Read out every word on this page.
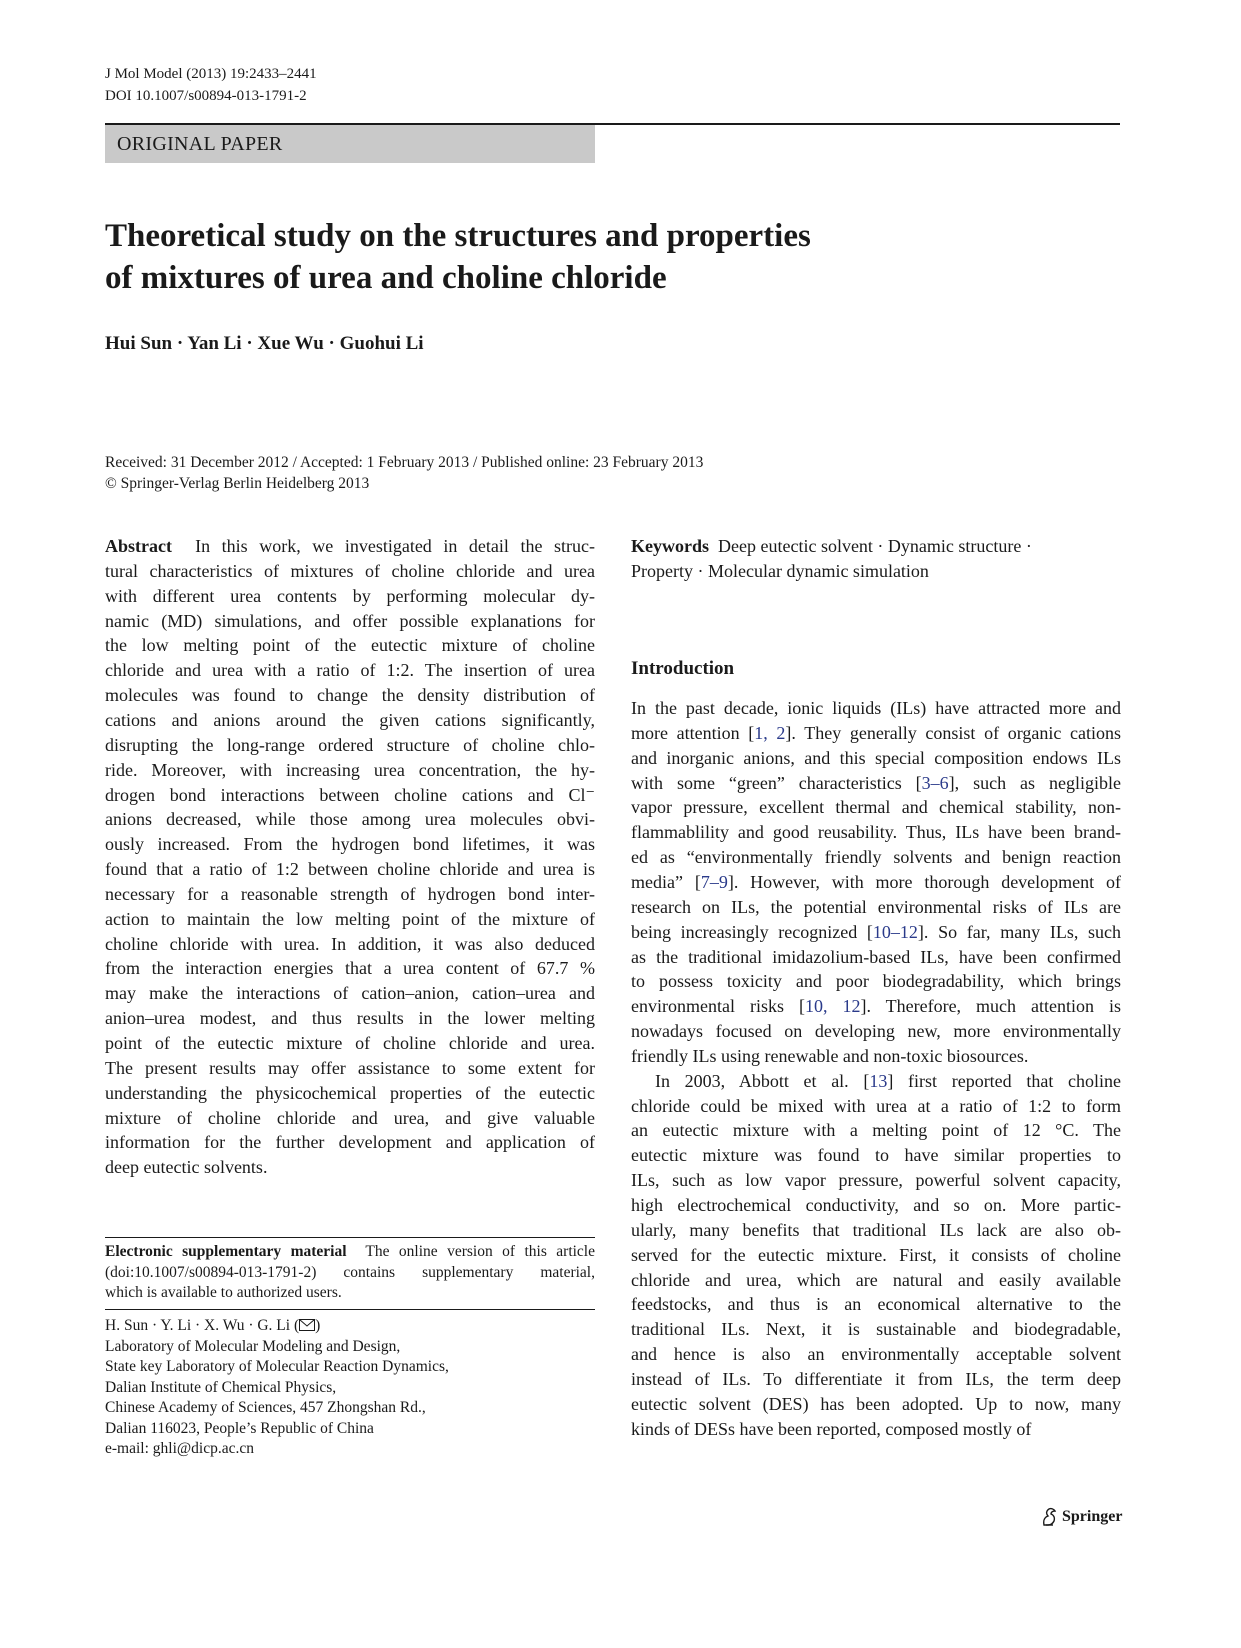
J Mol Model (2013) 19:2433–2441
DOI 10.1007/s00894-013-1791-2
ORIGINAL PAPER
Theoretical study on the structures and properties
of mixtures of urea and choline chloride
Hui Sun · Yan Li · Xue Wu · Guohui Li
Received: 31 December 2012 / Accepted: 1 February 2013 / Published online: 23 February 2013
© Springer-Verlag Berlin Heidelberg 2013
Abstract In this work, we investigated in detail the struc-
tural characteristics of mixtures of choline chloride and urea
with different urea contents by performing molecular dy-
namic (MD) simulations, and offer possible explanations for
the low melting point of the eutectic mixture of choline
chloride and urea with a ratio of 1:2. The insertion of urea
molecules was found to change the density distribution of
cations and anions around the given cations significantly,
disrupting the long-range ordered structure of choline chlo-
ride. Moreover, with increasing urea concentration, the hy-
drogen bond interactions between choline cations and Cl⁻
anions decreased, while those among urea molecules obvi-
ously increased. From the hydrogen bond lifetimes, it was
found that a ratio of 1:2 between choline chloride and urea is
necessary for a reasonable strength of hydrogen bond inter-
action to maintain the low melting point of the mixture of
choline chloride with urea. In addition, it was also deduced
from the interaction energies that a urea content of 67.7 %
may make the interactions of cation–anion, cation–urea and
anion–urea modest, and thus results in the lower melting
point of the eutectic mixture of choline chloride and urea.
The present results may offer assistance to some extent for
understanding the physicochemical properties of the eutectic
mixture of choline chloride and urea, and give valuable
information for the further development and application of
deep eutectic solvents.
Electronic supplementary material The online version of this article
(doi:10.1007/s00894-013-1791-2) contains supplementary material,
which is available to authorized users.
H. Sun · Y. Li · X. Wu · G. Li ( )
Laboratory of Molecular Modeling and Design,
State key Laboratory of Molecular Reaction Dynamics,
Dalian Institute of Chemical Physics,
Chinese Academy of Sciences, 457 Zhongshan Rd.,
Dalian 116023, People’s Republic of China
e-mail: ghli@dicp.ac.cn
Keywords Deep eutectic solvent · Dynamic structure ·
Property · Molecular dynamic simulation
Introduction
In the past decade, ionic liquids (ILs) have attracted more and
more attention [1, 2]. They generally consist of organic cations
and inorganic anions, and this special composition endows ILs
with some “green” characteristics [3–6], such as negligible
vapor pressure, excellent thermal and chemical stability, non-
flammablility and good reusability. Thus, ILs have been brand-
ed as “environmentally friendly solvents and benign reaction
media” [7–9]. However, with more thorough development of
research on ILs, the potential environmental risks of ILs are
being increasingly recognized [10–12]. So far, many ILs, such
as the traditional imidazolium-based ILs, have been confirmed
to possess toxicity and poor biodegradability, which brings
environmental risks [10, 12]. Therefore, much attention is
nowadays focused on developing new, more environmentally
friendly ILs using renewable and non-toxic biosources.
In 2003, Abbott et al. [13] first reported that choline
chloride could be mixed with urea at a ratio of 1:2 to form
an eutectic mixture with a melting point of 12 °C. The
eutectic mixture was found to have similar properties to
ILs, such as low vapor pressure, powerful solvent capacity,
high electrochemical conductivity, and so on. More partic-
ularly, many benefits that traditional ILs lack are also ob-
served for the eutectic mixture. First, it consists of choline
chloride and urea, which are natural and easily available
feedstocks, and thus is an economical alternative to the
traditional ILs. Next, it is sustainable and biodegradable,
and hence is also an environmentally acceptable solvent
instead of ILs. To differentiate it from ILs, the term deep
eutectic solvent (DES) has been adopted. Up to now, many
kinds of DESs have been reported, composed mostly of
Springer
